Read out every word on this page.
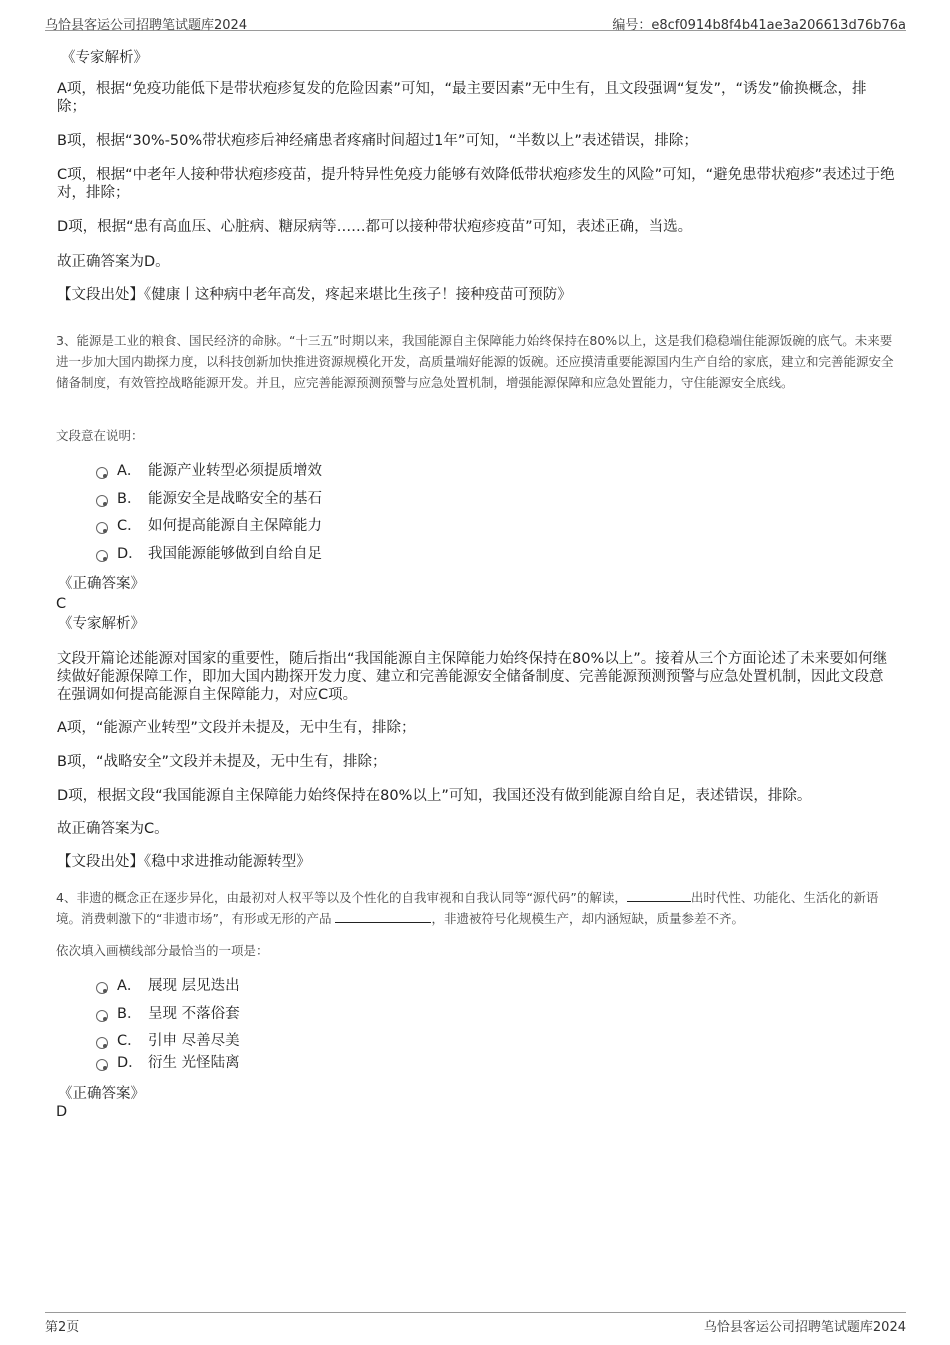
乌恰县客运公司招聘笔试题库2024	编号：e8cf0914b8f4b41ae3a206613d76b76a

《专家解析》

A项，根据“免疫功能低下是带状疱疹复发的危险因素”可知，“最主要因素”无中生有，且文段强调“复发”，“诱发”偷换概念，排除；

B项，根据“30%-50%带状疱疹后神经痛患者疼痛时间超过1年”可知，“半数以上”表述错误，排除；

C项，根据“中老年人接种带状疱疹疫苗，提升特异性免疫力能够有效降低带状疱疹发生的风险”可知，“避免患带状疱疹”表述过于绝对，排除；

D项，根据“患有高血压、心脏病、糖尿病等……都可以接种带状疱疹疫苗”可知，表述正确，当选。

故正确答案为D。

【文段出处】《健康丨这种病中老年高发，疼起来堪比生孩子！接种疫苗可预防》

3、能源是工业的粮食、国民经济的命脉。“十三五”时期以来，我国能源自主保障能力始终保持在80%以上，这是我们稳稳端住能源饭碗的底气。未来要进一步加大国内勘探力度，以科技创新加快推进资源规模化开发，高质量端好能源的饭碗。还应摸清重要能源国内生产自给的家底，建立和完善能源安全储备制度，有效管控战略能源开发。并且，应完善能源预测预警与应急处置机制，增强能源保障和应急处置能力，守住能源安全底线。

文段意在说明：

A． 能源产业转型必须提质增效
B． 能源安全是战略安全的基石
C． 如何提高能源自主保障能力
D． 我国能源能够做到自给自足

《正确答案》

C

《专家解析》

文段开篇论述能源对国家的重要性，随后指出“我国能源自主保障能力始终保持在80%以上”。接着从三个方面论述了未来要如何继续做好能源保障工作，即加大国内勘探开发力度、建立和完善能源安全储备制度、完善能源预测预警与应急处置机制，因此文段意在强调如何提高能源自主保障能力，对应C项。

A项，“能源产业转型”文段并未提及，无中生有，排除；

B项，“战略安全”文段并未提及，无中生有，排除；

D项，根据文段“我国能源自主保障能力始终保持在80%以上”可知，我国还没有做到能源自给自足，表述错误，排除。

故正确答案为C。

【文段出处】《稳中求进推动能源转型》

4、非遗的概念正在逐步异化，由最初对人权平等以及个性化的自我审视和自我认同等“源代码”的解读，	出时代性、功能化、生活化的新语境。消费刺激下的“非遗市场”，有形或无形的产品	，非遗被符号化规模生产，却内涵短缺，质量参差不齐。

依次填入画横线部分最恰当的一项是：

A． 展现 层见迭出
B． 呈现 不落俗套
C． 引申 尽善尽美
D． 衍生 光怪陆离

《正确答案》

D

第2页	乌恰县客运公司招聘笔试题库2024
